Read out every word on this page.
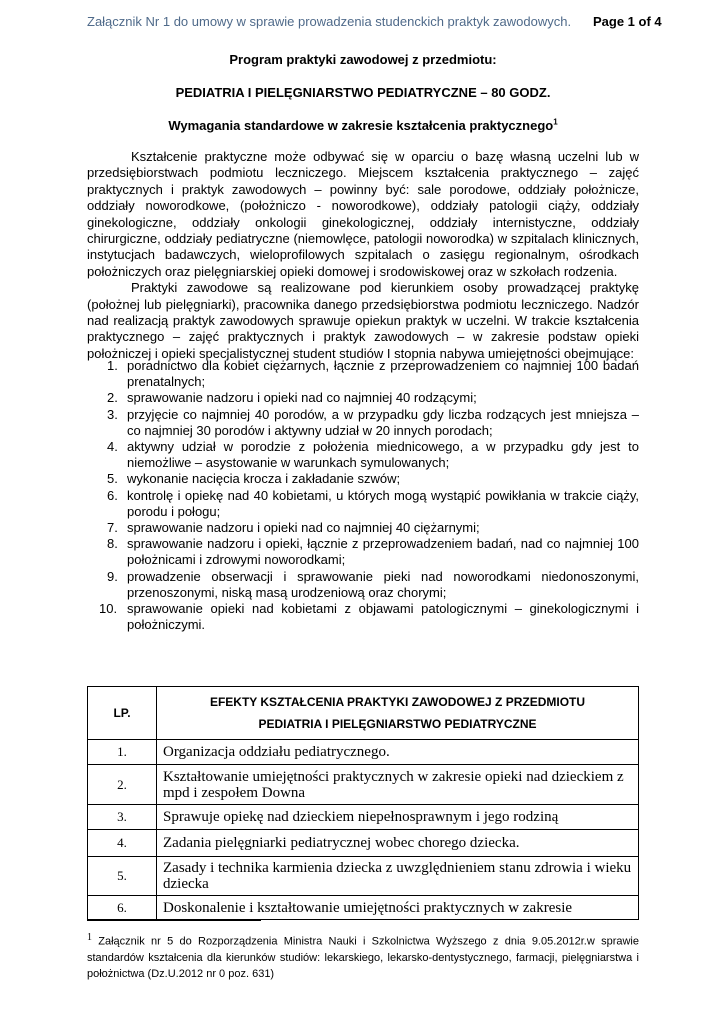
Załącznik Nr 1 do umowy w sprawie prowadzenia studenckich praktyk zawodowych. Page 1 of 4
Program praktyki zawodowej z przedmiotu:
PEDIATRIA I PIELĘGNIARSTWO PEDIATRYCZNE – 80 GODZ.
Wymagania standardowe w zakresie kształcenia praktycznego$^1$

Kształcenie praktyczne może odbywać się w oparciu o bazę własną uczelni lub w przedsiębiorstwach podmiotu leczniczego. Miejscem kształcenia praktycznego – zajęć praktycznych i praktyk zawodowych – powinny być: sale porodowe, oddziały położnicze, oddziały noworodkowe, (położniczo - noworodkowe), oddziały patologii ciąży, oddziały ginekologiczne, oddziały onkologii ginekologicznej, oddziały internistyczne, oddziały chirurgiczne, oddziały pediatryczne (niemowlęce, patologii noworodka) w szpitalach klinicznych, instytucjach badawczych, wieloprofilowych szpitalach o zasięgu regionalnym, ośrodkach położniczych oraz pielęgniarskiej opieki domowej i srodowiskowej oraz w szkołach rodzenia.

Praktyki zawodowe są realizowane pod kierunkiem osoby prowadzącej praktykę (położnej lub pielęgniarki), pracownika danego przedsiębiorstwa podmiotu leczniczego. Nadzór nad realizacją praktyk zawodowych sprawuje opiekun praktyk w uczelni. W trakcie kształcenia praktycznego – zajęć praktycznych i praktyk zawodowych – w zakresie podstaw opieki położniczej i opieki specjalistycznej student studiów I stopnia nabywa umiejętności obejmujące:

1. poradnictwo dla kobiet ciężarnych, łącznie z przeprowadzeniem co najmniej 100 badań prenatalnych;
2. sprawowanie nadzoru i opieki nad co najmniej 40 rodzącymi;
3. przyjęcie co najmniej 40 porodów, a w przypadku gdy liczba rodzących jest mniejsza – co najmniej 30 porodów i aktywny udział w 20 innych porodach;
4. aktywny udział w porodzie z położenia miednicowego, a w przypadku gdy jest to niemożliwe – asystowanie w warunkach symulowanych;
5. wykonanie nacięcia krocza i zakładanie szwów;
6. kontrolę i opiekę nad 40 kobietami, u których mogą wystąpić powikłania w trakcie ciąży, porodu i połogu;
7. sprawowanie nadzoru i opieki nad co najmniej 40 ciężarnymi;
8. sprawowanie nadzoru i opieki, łącznie z przeprowadzeniem badań, nad co najmniej 100 położnicami i zdrowymi noworodkami;
9. prowadzenie obserwacji i sprawowanie pieki nad noworodkami niedonoszonymi, przenoszonymi, niską masą urodzeniową oraz chorymi;
10. sprawowanie opieki nad kobietami z objawami patologicznymi – ginekologicznymi i położniczymi.
LP.	EFEKTY KSZTAŁCENIA PRAKTYKI ZAWODOWEJ Z PRZEDMIOTU
PEDIATRIA I PIELĘGNIARSTWO PEDIATRYCZNE

1.	Organizacja oddziału pediatrycznego.
2.	Kształtowanie umiejętności praktycznych w zakresie opieki nad dzieckiem z mpd i zespołem Downa
3.	Sprawuje opiekę nad dzieckiem niepełnosprawnym i jego rodziną
4.	Zadania pielęgniarki pediatrycznej wobec chorego dziecka.
5.	Zasady i technika karmienia dziecka z uwzględnieniem stanu zdrowia i wieku dziecka
6.	Doskonalenie i kształtowanie umiejętności praktycznych w zakresie
$^1$ Załącznik nr 5 do Rozporządzenia Ministra Nauki i Szkolnictwa Wyższego z dnia 9.05.2012r.w sprawie standardów kształcenia dla kierunków studiów: lekarskiego, lekarsko-dentystycznego, farmacji, pielęgniarstwa i położnictwa (Dz.U.2012 nr 0 poz. 631)
